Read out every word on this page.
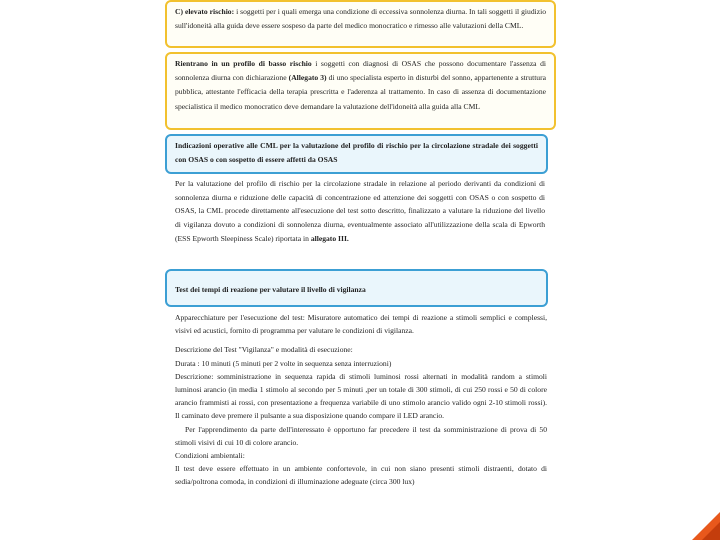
C) elevato rischio: i soggetti per i quali emerga una condizione di eccessiva sonnolenza diurna. In tali soggetti il giudizio sull'idoneità alla guida deve essere sospeso da parte del medico monocratico e rimesso alle valutazioni della CML.
Rientrano in un profilo di basso rischio i soggetti con diagnosi di OSAS che possono documentare l'assenza di sonnolenza diurna con dichiarazione (Allegato 3) di uno specialista esperto in disturbi del sonno, appartenente a struttura pubblica, attestante l'efficacia della terapia prescritta e l'aderenza al trattamento. In caso di assenza di documentazione specialistica il medico monocratico deve demandare la valutazione dell'idoneità alla guida alla CML
Indicazioni operative alle CML per la valutazione del profilo di rischio per la circolazione stradale dei soggetti con OSAS o con sospetto di essere affetti da OSAS
Per la valutazione del profilo di rischio per la circolazione stradale in relazione al periodo derivanti da condizioni di sonnolenza diurna e riduzione delle capacità di concentrazione ed attenzione dei soggetti con OSAS o con sospetto di OSAS, la CML procede direttamente all'esecuzione del test sotto descritto, finalizzato a valutare la riduzione del livello di vigilanza dovuto a condizioni di sonnolenza diurna, eventualmente associato all'utilizzazione della scala di Epworth (ESS Epworth Sleepiness Scale) riportata in allegato III.
Test dei tempi di reazione per valutare il livello di vigilanza

Apparecchiature per l'esecuzione del test: Misuratore automatico dei tempi di reazione a stimoli semplici e complessi, visivi ed acustici, fornito di programma per valutare le condizioni di vigilanza.

Descrizione del Test "Vigilanza" e modalità di esecuzione:

Durata : 10 minuti (5 minuti per 2 volte in sequenza senza interruzioni)

Descrizione: somministrazione in sequenza rapida di stimoli luminosi rossi alternati in modalità random a stimoli luminosi arancio (in media 1 stimolo al secondo per 5 minuti ,per un totale di 300 stimoli, di cui 250 rossi e 50 di colore arancio frammisti ai rossi, con presentazione a frequenza variabile di uno stimolo arancio valido ogni 2-10 stimoli rossi). Il caminato deve premere il pulsante a sua disposizione quando compare il LED arancio.

Per l'apprendimento da parte dell'interessato è opportuno far precedere il test da somministrazione di prova di 50 stimoli visivi di cui 10 di colore arancio.

Condizioni ambientali:

Il test deve essere effettuato in un ambiente confortevole, in cui non siano presenti stimoli distraenti, dotato di sedia/poltrona comoda, in condizioni di illuminazione adeguate (circa 300 lux)
